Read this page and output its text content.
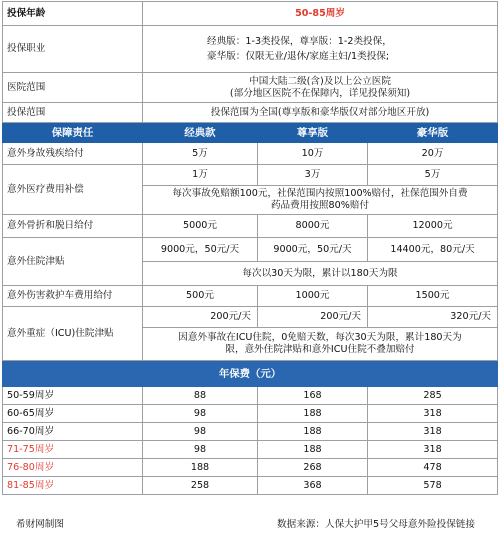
投保年龄	50-85周岁		
投保职业	经典版：1-3类投保，尊享版：1-2类投保，
豪华版：仅限无业/退休/家庭主妇/1类投保;		

医院范围	中国大陆二级(含)及以上公立医院
(部分地区医院不在保障内，详见投保须知)		

投保范围	投保范围为全国(尊享版和豪华版仅对部分地区开放)		
保障责任	经典款	尊享版	豪华版
意外身故残疾给付	5万	10万	20万
意外医疗费用补偿	1万	3万	5万

	每次事故免赔额100元，社保范围内按照100%赔付，社保范围外自费
药品费用按照80%赔付		

意外骨折和脱日给付	5000元	8000元	12000元
意外住院津贴	9000元，50元/天	9000元，50元/天	14400元，80元/天
	每次以30天为限，累计以180天为限		
意外伤害救护车费用给付	500元	1000元	1500元
意外重症（ICU)住院津贴	200元/天	200元/天	320元/天

	因意外事故在ICU住院，0免赔天数，每次30天为限，累计180天为
限，意外住院津贴和意外ICU住院不叠加赔付		

年保费（元）			
50-59周岁	88	168	285
60-65周岁	98	188	318
66-70周岁	98	188	318
71-75周岁	98	188	318
76-80周岁	188	268	478
81-85周岁	258	368	578
希财网制图	数据来源：人保大护甲5号父母意外险投保链接
